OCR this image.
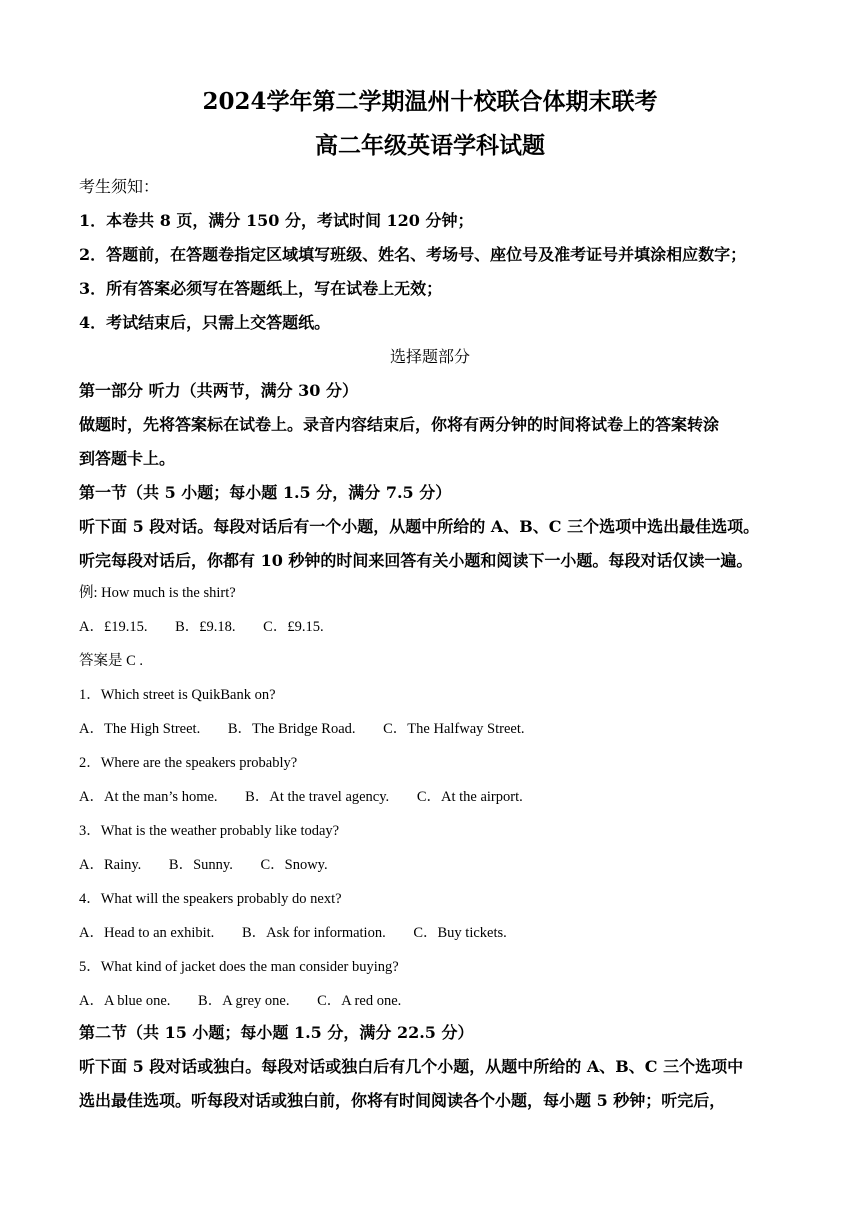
2024学年第二学期温州十校联合体期末联考
高二年级英语学科试题
考生须知：
1．本卷共 8 页，满分 150 分，考试时间 120 分钟；
2．答题前，在答题卷指定区域填写班级、姓名、考场号、座位号及准考证号并填涂相应数字；
3．所有答案必须写在答题纸上，写在试卷上无效；
4．考试结束后，只需上交答题纸。
选择题部分
第一部分 听力（共两节，满分 30 分）
做题时，先将答案标在试卷上。录音内容结束后，你将有两分钟的时间将试卷上的答案转涂
到答题卡上。
第一节（共 5 小题；每小题 1.5 分，满分 7.5 分）
听下面 5 段对话。每段对话后有一个小题，从题中所给的 A、B、C 三个选项中选出最佳选项。
听完每段对话后，你都有 10 秒钟的时间来回答有关小题和阅读下一小题。每段对话仅读一遍。
例: How much is the shirt?
A．£19.15. B．£9.18. C．£9.15.
答案是 C .
1．Which street is QuikBank on?
A．The High Street. B．The Bridge Road. C．The Halfway Street.
2．Where are the speakers probably?
A．At the man’s home. B．At the travel agency. C．At the airport.
3．What is the weather probably like today?
A．Rainy. B．Sunny. C．Snowy.
4．What will the speakers probably do next?
A．Head to an exhibit. B．Ask for information. C．Buy tickets.
5．What kind of jacket does the man consider buying?
A．A blue one. B．A grey one. C．A red one.
第二节（共 15 小题；每小题 1.5 分，满分 22.5 分）
听下面 5 段对话或独白。每段对话或独白后有几个小题，从题中所给的 A、B、C 三个选项中
选出最佳选项。听每段对话或独白前，你将有时间阅读各个小题，每小题 5 秒钟；听完后，
